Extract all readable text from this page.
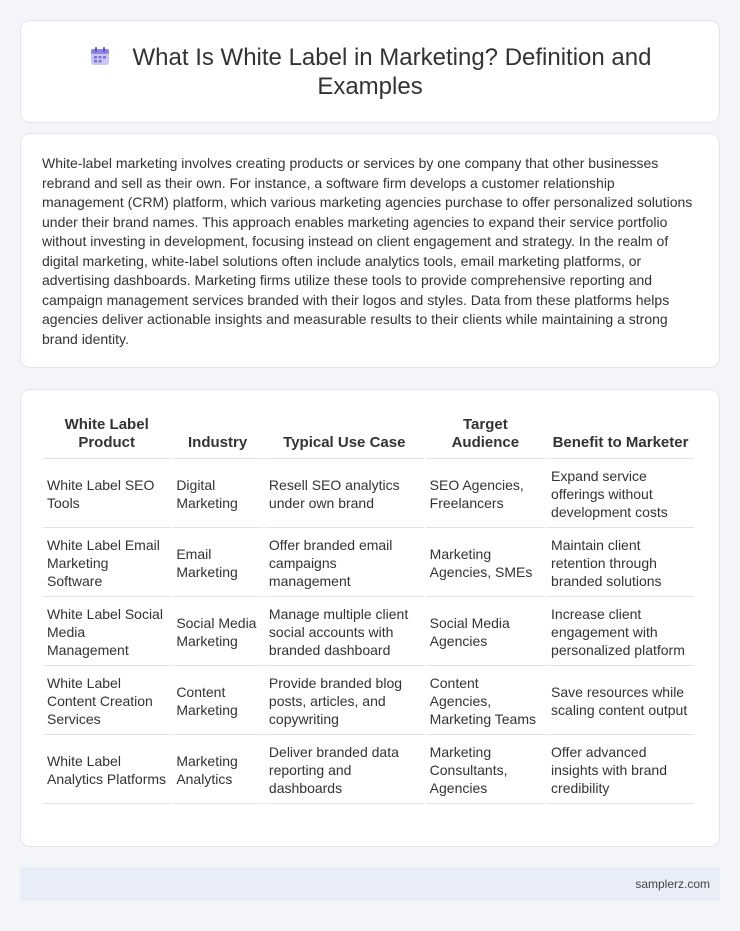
What Is White Label in Marketing? Definition and Examples

White-label marketing involves creating products or services by one company that other businesses rebrand and sell as their own. For instance, a software firm develops a customer relationship management (CRM) platform, which various marketing agencies purchase to offer personalized solutions under their brand names. This approach enables marketing agencies to expand their service portfolio without investing in development, focusing instead on client engagement and strategy. In the realm of digital marketing, white-label solutions often include analytics tools, email marketing platforms, or advertising dashboards. Marketing firms utilize these tools to provide comprehensive reporting and campaign management services branded with their logos and styles. Data from these platforms helps agencies deliver actionable insights and measurable results to their clients while maintaining a strong brand identity.

White Label Product	Industry	Typical Use Case	Target Audience	Benefit to Marketer
White Label SEO Tools	Digital Marketing	Resell SEO analytics under own brand	SEO Agencies, Freelancers	Expand service offerings without development costs
White Label Email Marketing Software	Email Marketing	Offer branded email campaigns management	Marketing Agencies, SMEs	Maintain client retention through branded solutions
White Label Social Media Management	Social Media Marketing	Manage multiple client social accounts with branded dashboard	Social Media Agencies	Increase client engagement with personalized platform
White Label Content Creation Services	Content Marketing	Provide branded blog posts, articles, and copywriting	Content Agencies, Marketing Teams	Save resources while scaling content output
White Label Analytics Platforms	Marketing Analytics	Deliver branded data reporting and dashboards	Marketing Consultants, Agencies	Offer advanced insights with brand credibility
samplerz.com
